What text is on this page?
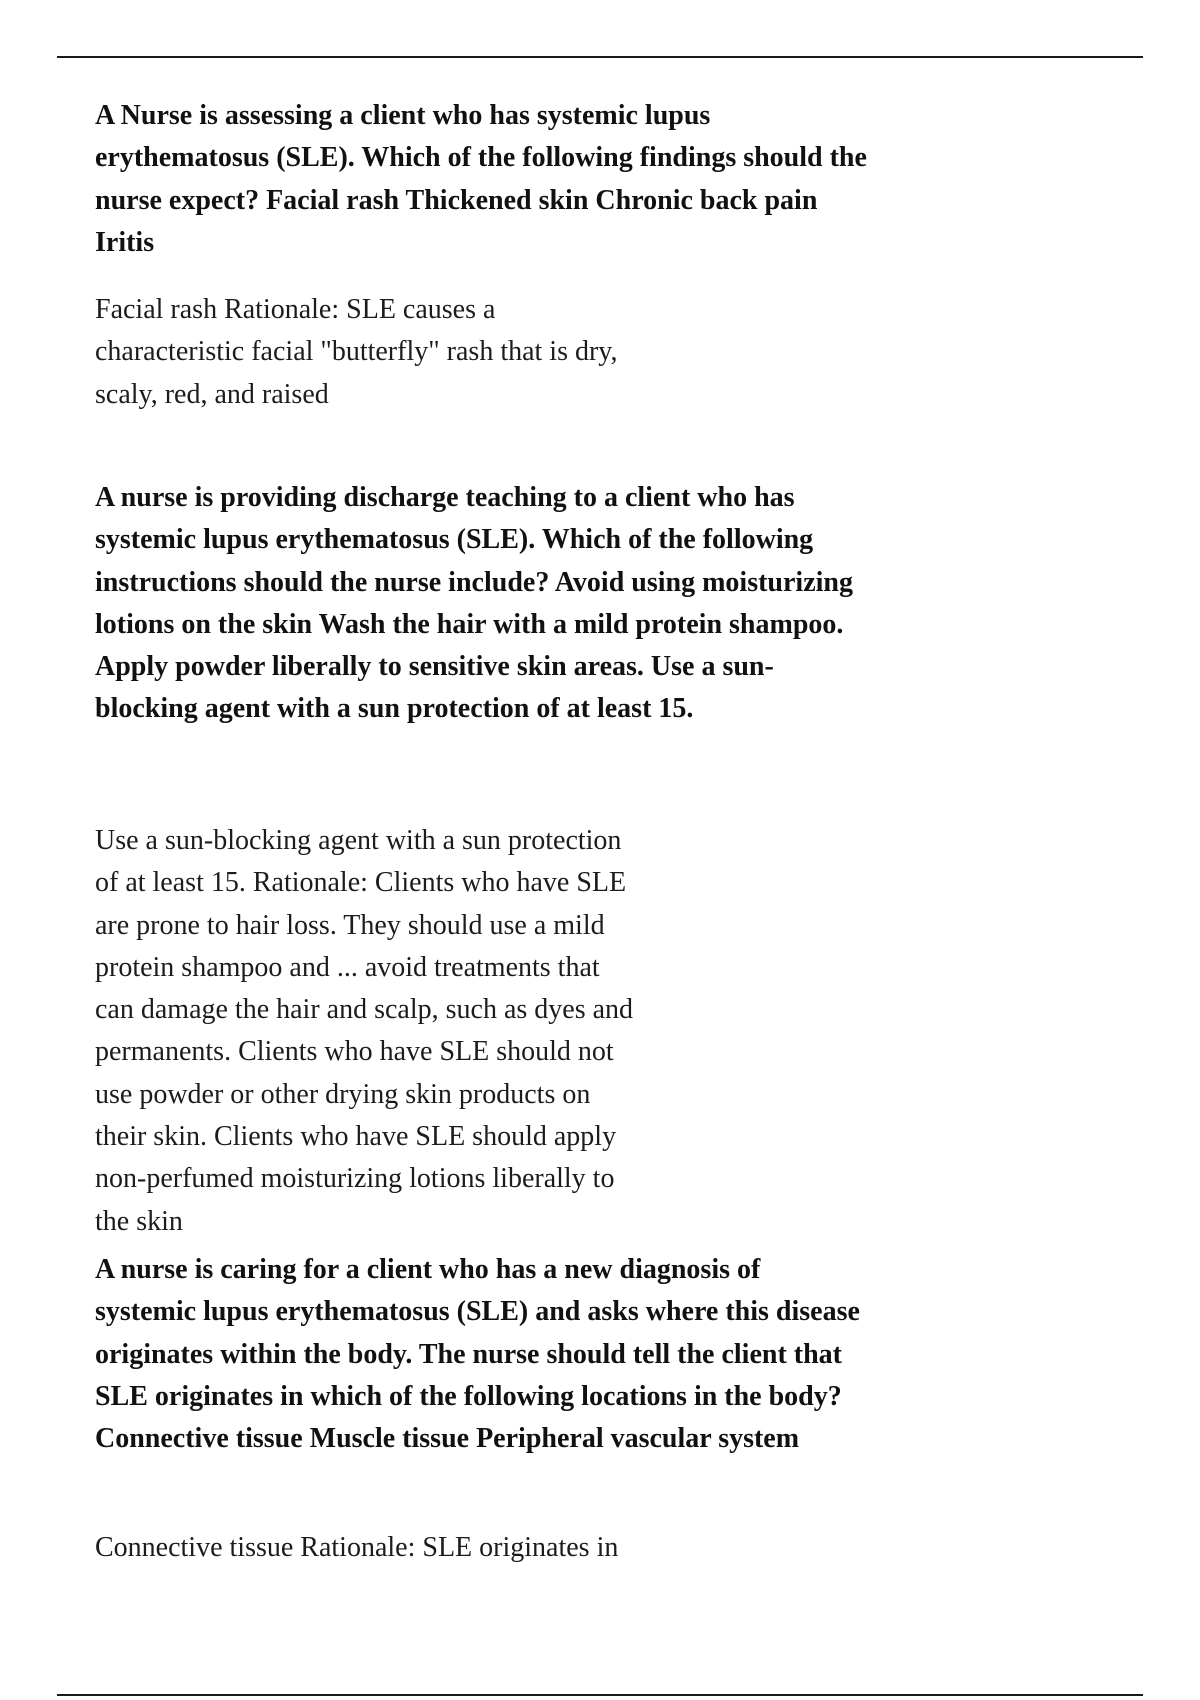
A Nurse is assessing a client who has systemic lupus
erythematosus (SLE). Which of the following findings should the
nurse expect? Facial rash Thickened skin Chronic back pain
Iritis

Facial rash Rationale: SLE causes a
characteristic facial "butterfly" rash that is dry,
scaly, red, and raised

A nurse is providing discharge teaching to a client who has
systemic lupus erythematosus (SLE). Which of the following
instructions should the nurse include? Avoid using moisturizing
lotions on the skin Wash the hair with a mild protein shampoo.
Apply powder liberally to sensitive skin areas. Use a sun-
blocking agent with a sun protection of at least 15.

Use a sun-blocking agent with a sun protection
of at least 15. Rationale: Clients who have SLE
are prone to hair loss. They should use a mild
protein shampoo and ... avoid treatments that
can damage the hair and scalp, such as dyes and
permanents. Clients who have SLE should not
use powder or other drying skin products on
their skin. Clients who have SLE should apply
non-perfumed moisturizing lotions liberally to
the skin

A nurse is caring for a client who has a new diagnosis of
systemic lupus erythematosus (SLE) and asks where this disease
originates within the body. The nurse should tell the client that
SLE originates in which of the following locations in the body?
Connective tissue Muscle tissue Peripheral vascular system

Connective tissue Rationale: SLE originates in
